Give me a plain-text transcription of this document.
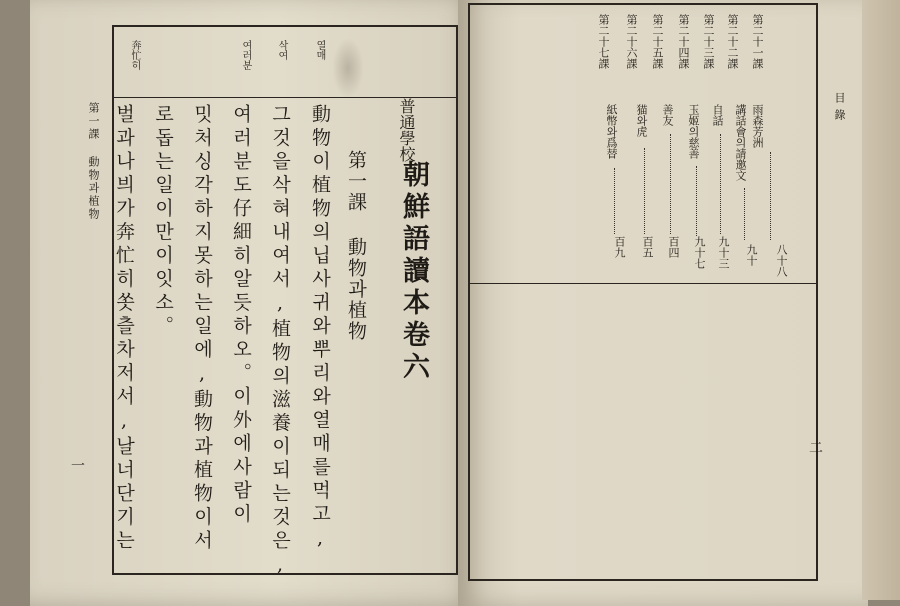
第一課 動物과植物
一
열매
삭여
여러분
奔忙히
普通學校
朝鮮語讀本卷六
第一課 動物과植物
動物이植物의닙사귀와뿌리와열매를먹고,
그것을삭혀내여서,植物의滋養이되는것은,
여러분도仔細히알듯하오。이外에사람이
밋처싱각하지못하는일에,動物과植物이서
로돕는일이만이잇소。
벌과나븨가奔忙히쏫츨차저서,날너단기는	目錄
二
第二十一課
雨森芳洲
八十八
第二十二課
講話會의請邀文
九十
第二十三課
自話
九十三
第二十四課
玉姬의慈善
九十七
第二十五課
善友
百四
第二十六課
猫와虎
百五
第二十七課
紙幣와爲替
百九
